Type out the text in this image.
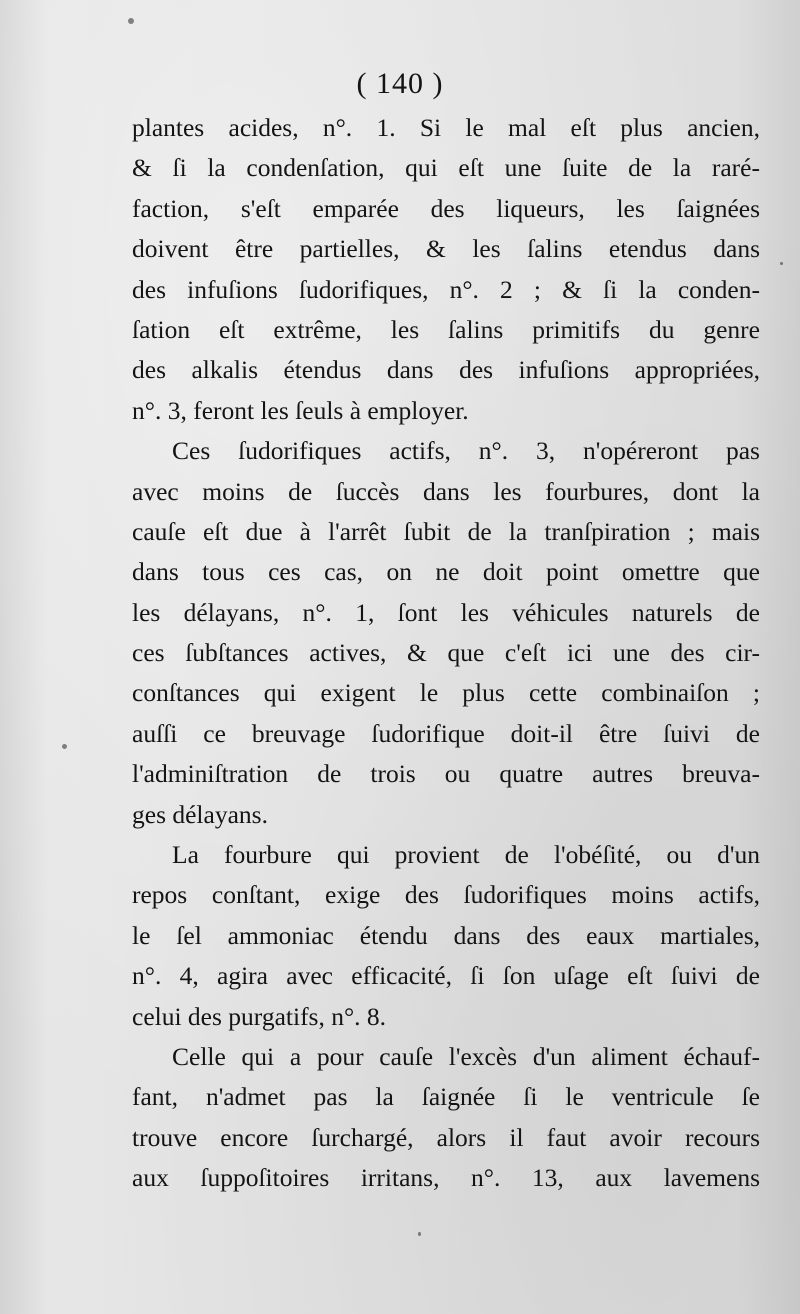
( 140 )
plantes acides, n°. 1. Si le mal eſt plus ancien,
& ſi la condenſation, qui eſt une ſuite de la raré-
faction, s'eſt emparée des liqueurs, les ſaignées
doivent être partielles, & les ſalins etendus dans
des infuſions ſudorifiques, n°. 2 ; & ſi la conden-
ſation eſt extrême, les ſalins primitifs du genre
des alkalis étendus dans des infuſions appropriées,
n°. 3, feront les ſeuls à employer.
Ces ſudorifiques actifs, n°. 3, n'opéreront pas
avec moins de ſuccès dans les fourbures, dont la
cauſe eſt due à l'arrêt ſubit de la tranſpiration ; mais
dans tous ces cas, on ne doit point omettre que
les délayans, n°. 1, ſont les véhicules naturels de
ces ſubſtances actives, & que c'eſt ici une des cir-
conſtances qui exigent le plus cette combinaiſon ;
auſſi ce breuvage ſudorifique doit-il être ſuivi de
l'adminiſtration de trois ou quatre autres breuva-
ges délayans.
La fourbure qui provient de l'obéſité, ou d'un
repos conſtant, exige des ſudorifiques moins actifs,
le ſel ammoniac étendu dans des eaux martiales,
n°. 4, agira avec efficacité, ſi ſon uſage eſt ſuivi de
celui des purgatifs, n°. 8.
Celle qui a pour cauſe l'excès d'un aliment échauf-
fant, n'admet pas la ſaignée ſi le ventricule ſe
trouve encore ſurchargé, alors il faut avoir recours
aux ſuppoſitoires irritans, n°. 13, aux lavemens
